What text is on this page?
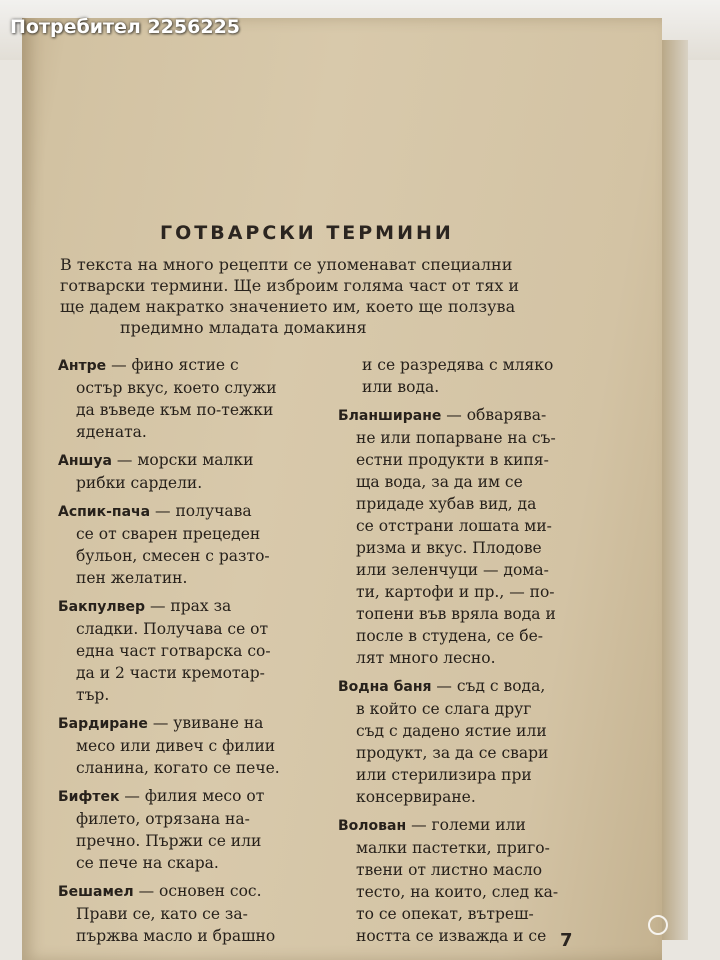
Потребител 2256225
ГОТВАРСКИ ТЕРМИНИ
В текста на много рецепти се упоменават специални
готварски термини. Ще изброим голяма част от тях и
ще дадем накратко значението им, което ще ползува
предимно младата домакиня
Антре — фино ястие с
остър вкус, което служи
да въведе към по-тежки
ядената.
Аншуа — морски малки
рибки сардели.
Аспик-пача — получава
се от сварен прецеден
бульон, смесен с разто-
пен желатин.
Бакпулвер — прах за
сладки. Получава се от
една част готварска со-
да и 2 части кремотар-
тър.
Бардиране — увиване на
месо или дивеч с филии
сланина, когато се пече.
Бифтек — филия месо от
филето, отрязана на-
пречно. Пържи се или
се пече на скара.
Бешамел — основен сос.
Прави се, като се за-
пържва масло и брашно
и се разредява с мляко
или вода.
Бланширане — обварява-
не или попарване на съ-
естни продукти в кипя-
ща вода, за да им се
придаде хубав вид, да
се отстрани лошата ми-
ризма и вкус. Плодове
или зеленчуци — дома-
ти, картофи и пр., — по-
топени във вряла вода и
после в студена, се бе-
лят много лесно.
Водна баня — съд с вода,
в който се слага друг
съд с дадено ястие или
продукт, за да се свари
или стерилизира при
консервиране.
Волован — големи или
малки пастетки, приго-
твени от листно масло
тесто, на които, след ка-
то се опекат, вътреш-
ността се изважда и се 7
